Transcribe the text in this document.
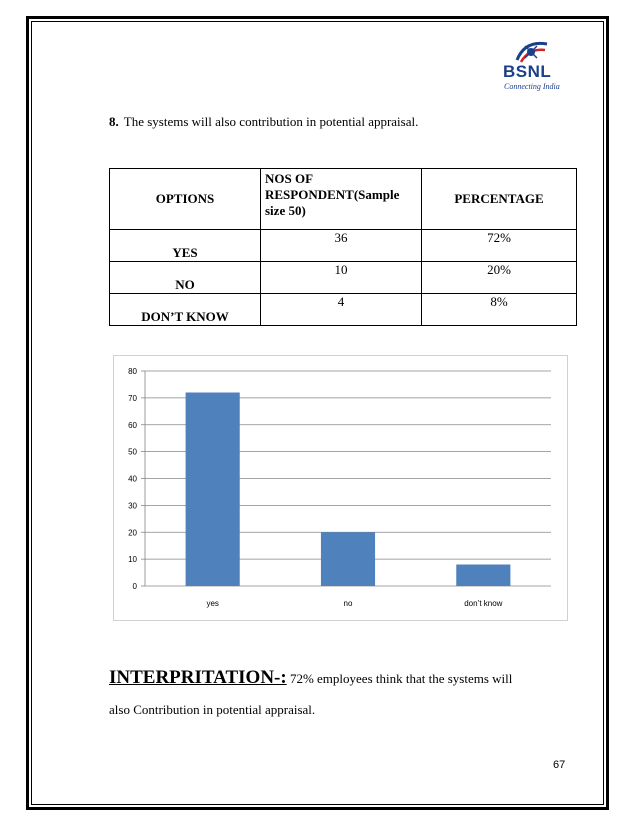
BSNL
Connecting India
8. The systems will also contribution in potential appraisal.
OPTIONS	NOS OF RESPONDENT(Sample size 50)	PERCENTAGE
YES	36	72%
NO	10	20%
DON’T KNOW	4	8%
0
10
20
30
40
50
60
70
80
yes	no	don’t know
INTERPRITATION-: 72% employees think that the systems will
also Contribution in potential appraisal.
67
